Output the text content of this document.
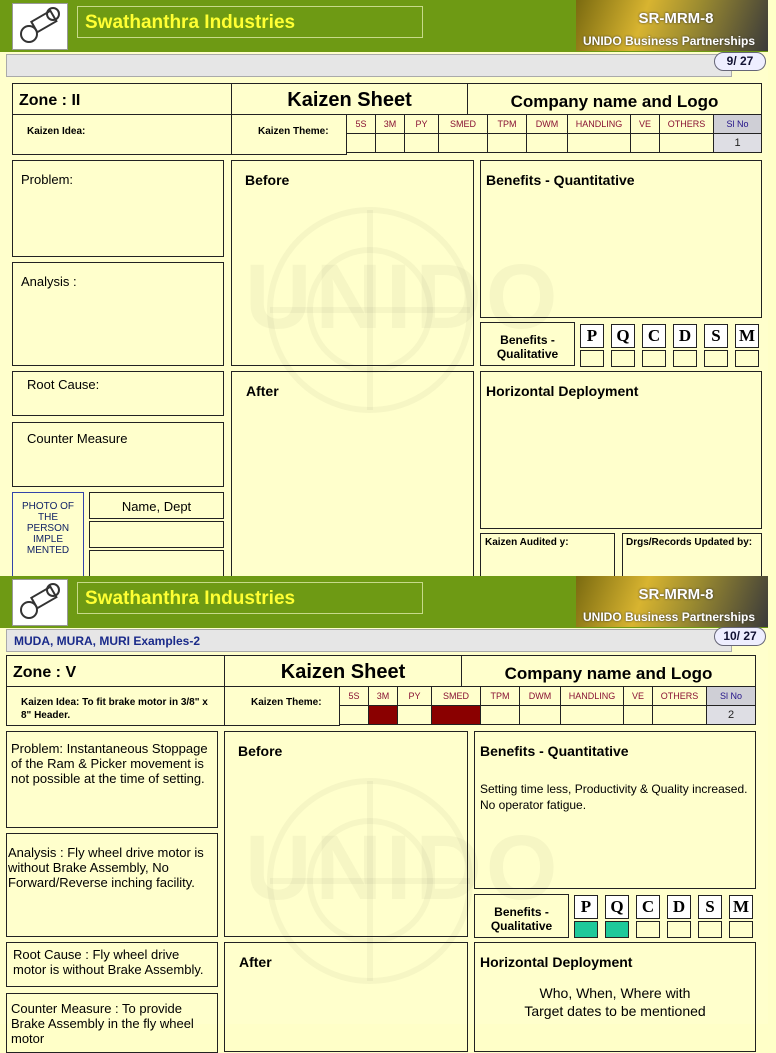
Swathanthra Industries	SR-MRM-8
UNIDO Business Partnerships
9/ 27
Zone : II	Kaizen Sheet	Company name and Logo
Kaizen Idea:	Kaizen Theme:
5S	3M	PY	SMED	TPM	DWM	HANDLING	VE	OTHERS	Sl No
									1
Problem:
Analysis :
Root Cause:
Counter Measure
PHOTO OF THE PERSON IMPLE MENTED
Name, Dept
Before
After
Benefits - Quantitative
Benefits - Qualitative
P	Q	C	D	S	M
Horizontal Deployment
Kaizen Audited y:	Drgs/Records Updated by:
Swathanthra Industries	SR-MRM-8
UNIDO Business Partnerships
MUDA, MURA, MURI Examples-2	10/ 27
Zone : V	Kaizen Sheet	Company name and Logo
Kaizen Idea: To fit brake motor in 3/8" x 8" Header.
Kaizen Theme:
5S	3M	PY	SMED	TPM	DWM	HANDLING	VE	OTHERS	Sl No
									2
Problem: Instantaneous Stoppage of the Ram & Picker movement is not possible at the time of setting.
Analysis : Fly wheel drive motor is without Brake Assembly, No Forward/Reverse inching facility.
Root Cause : Fly wheel drive motor is without Brake Assembly.
Counter Measure : To provide Brake Assembly in the fly wheel motor
Before
After
Benefits - Quantitative
Setting time less, Productivity & Quality increased. No operator fatigue.
Benefits - Qualitative
P	Q	C	D	S	M
Horizontal Deployment
Who, When, Where with Target dates to be mentioned
